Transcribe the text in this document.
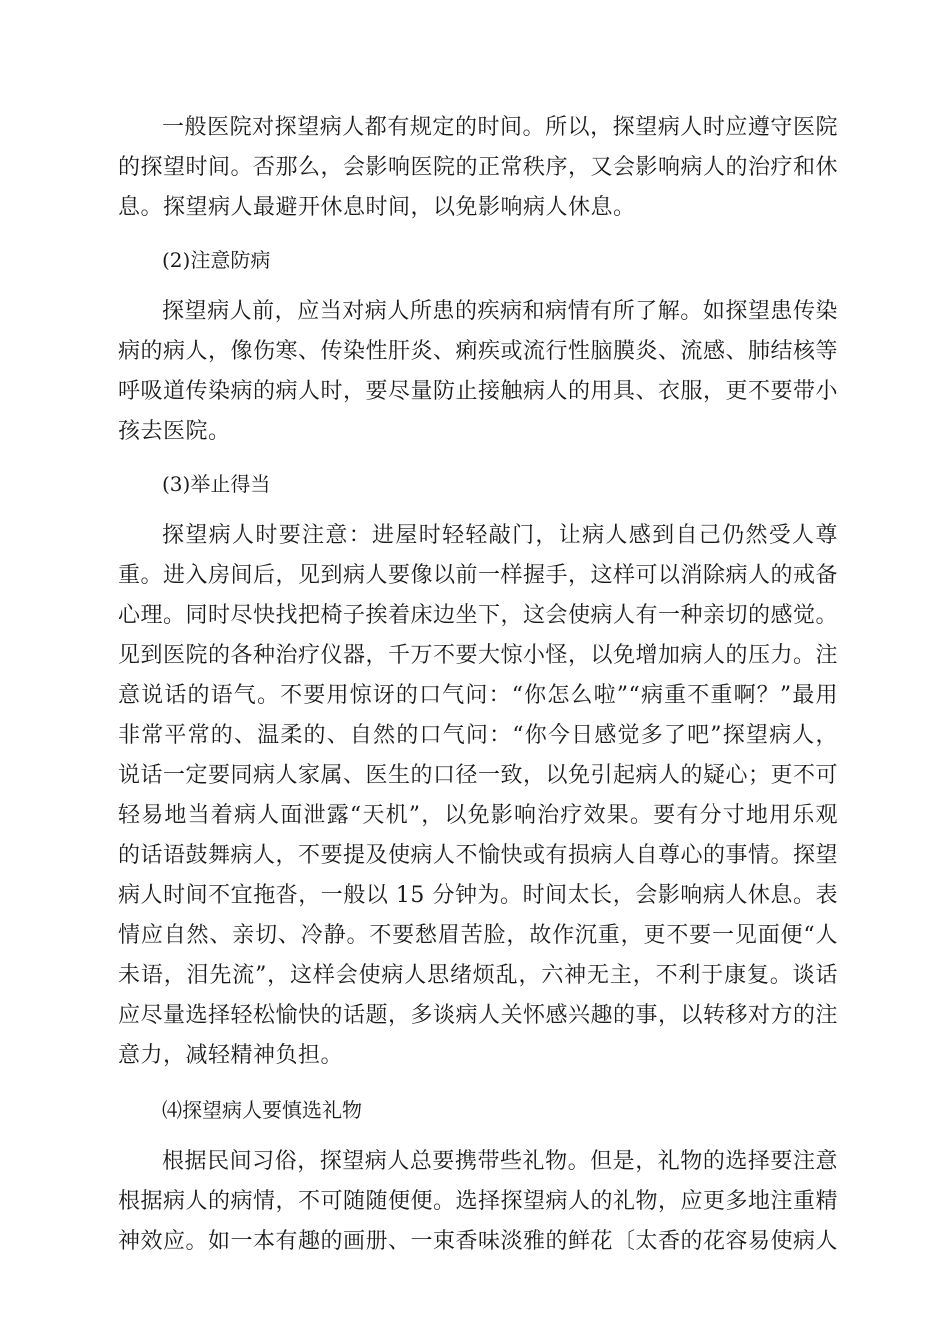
一般医院对探望病人都有规定的时间。所以，探望病人时应遵守医院的探望时间。否那么，会影响医院的正常秩序，又会影响病人的治疗和休息。探望病人最避开休息时间，以免影响病人休息。

(2)注意防病

探望病人前，应当对病人所患的疾病和病情有所了解。如探望患传染病的病人，像伤寒、传染性肝炎、痢疾或流行性脑膜炎、流感、肺结核等呼吸道传染病的病人时，要尽量防止接触病人的用具、衣服，更不要带小孩去医院。

(3)举止得当

探望病人时要注意：进屋时轻轻敲门，让病人感到自己仍然受人尊重。进入房间后，见到病人要像以前一样握手，这样可以消除病人的戒备心理。同时尽快找把椅子挨着床边坐下，这会使病人有一种亲切的感觉。见到医院的各种治疗仪器，千万不要大惊小怪，以免增加病人的压力。注意说话的语气。不要用惊讶的口气问：“你怎么啦”“病重不重啊？”最用非常平常的、温柔的、自然的口气问：“你今日感觉多了吧”探望病人，说话一定要同病人家属、医生的口径一致，以免引起病人的疑心；更不可轻易地当着病人面泄露“天机”，以免影响治疗效果。要有分寸地用乐观的话语鼓舞病人，不要提及使病人不愉快或有损病人自尊心的事情。探望病人时间不宜拖沓，一般以 15 分钟为。时间太长，会影响病人休息。表情应自然、亲切、冷静。不要愁眉苦脸，故作沉重，更不要一见面便“人未语，泪先流”，这样会使病人思绪烦乱，六神无主，不利于康复。谈话应尽量选择轻松愉快的话题，多谈病人关怀感兴趣的事，以转移对方的注意力，减轻精神负担。

⑷探望病人要慎选礼物

根据民间习俗，探望病人总要携带些礼物。但是，礼物的选择要注意根据病人的病情，不可随随便便。选择探望病人的礼物，应更多地注重精神效应。如一本有趣的画册、一束香味淡雅的鲜花〔太香的花容易使病人
